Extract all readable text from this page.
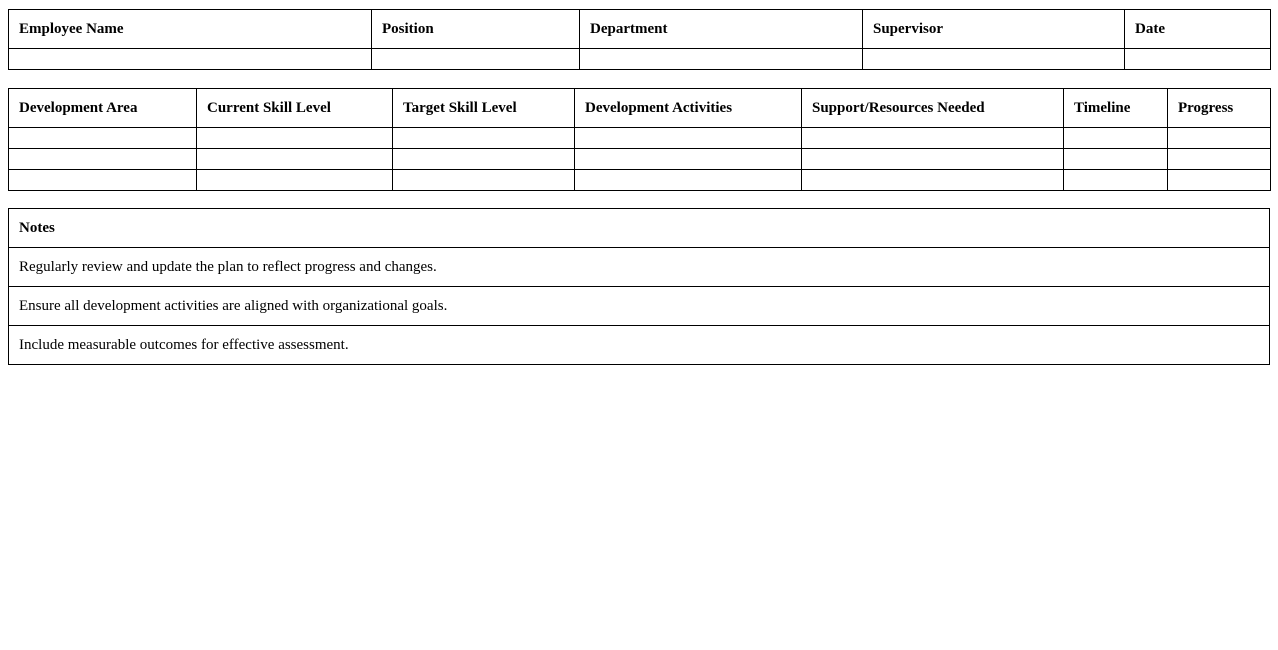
Employee Name	Position	Department	Supervisor	Date

Development Area	Current Skill Level	Target Skill Level	Development Activities	Support/Resources Needed	Timeline	Progress

Notes
Regularly review and update the plan to reflect progress and changes.
Ensure all development activities are aligned with organizational goals.
Include measurable outcomes for effective assessment.
